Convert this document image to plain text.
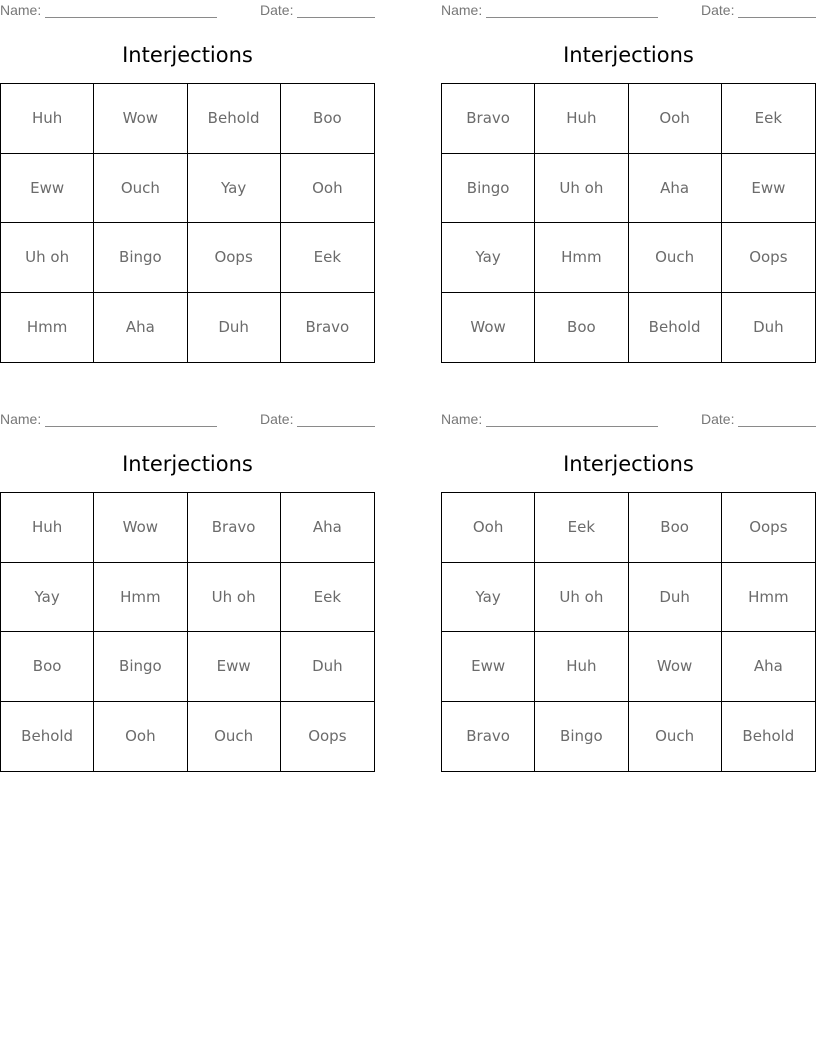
Name:	Date:
Interjections
Huh	Wow	Behold	Boo
Eww	Ouch	Yay	Ooh
Uh oh	Bingo	Oops	Eek
Hmm	Aha	Duh	Bravo
Name:	Date:
Interjections
Bravo	Huh	Ooh	Eek
Bingo	Uh oh	Aha	Eww
Yay	Hmm	Ouch	Oops
Wow	Boo	Behold	Duh
Name:	Date:
Interjections
Huh	Wow	Bravo	Aha
Yay	Hmm	Uh oh	Eek
Boo	Bingo	Eww	Duh
Behold	Ooh	Ouch	Oops
Name:	Date:
Interjections
Ooh	Eek	Boo	Oops
Yay	Uh oh	Duh	Hmm
Eww	Huh	Wow	Aha
Bravo	Bingo	Ouch	Behold
